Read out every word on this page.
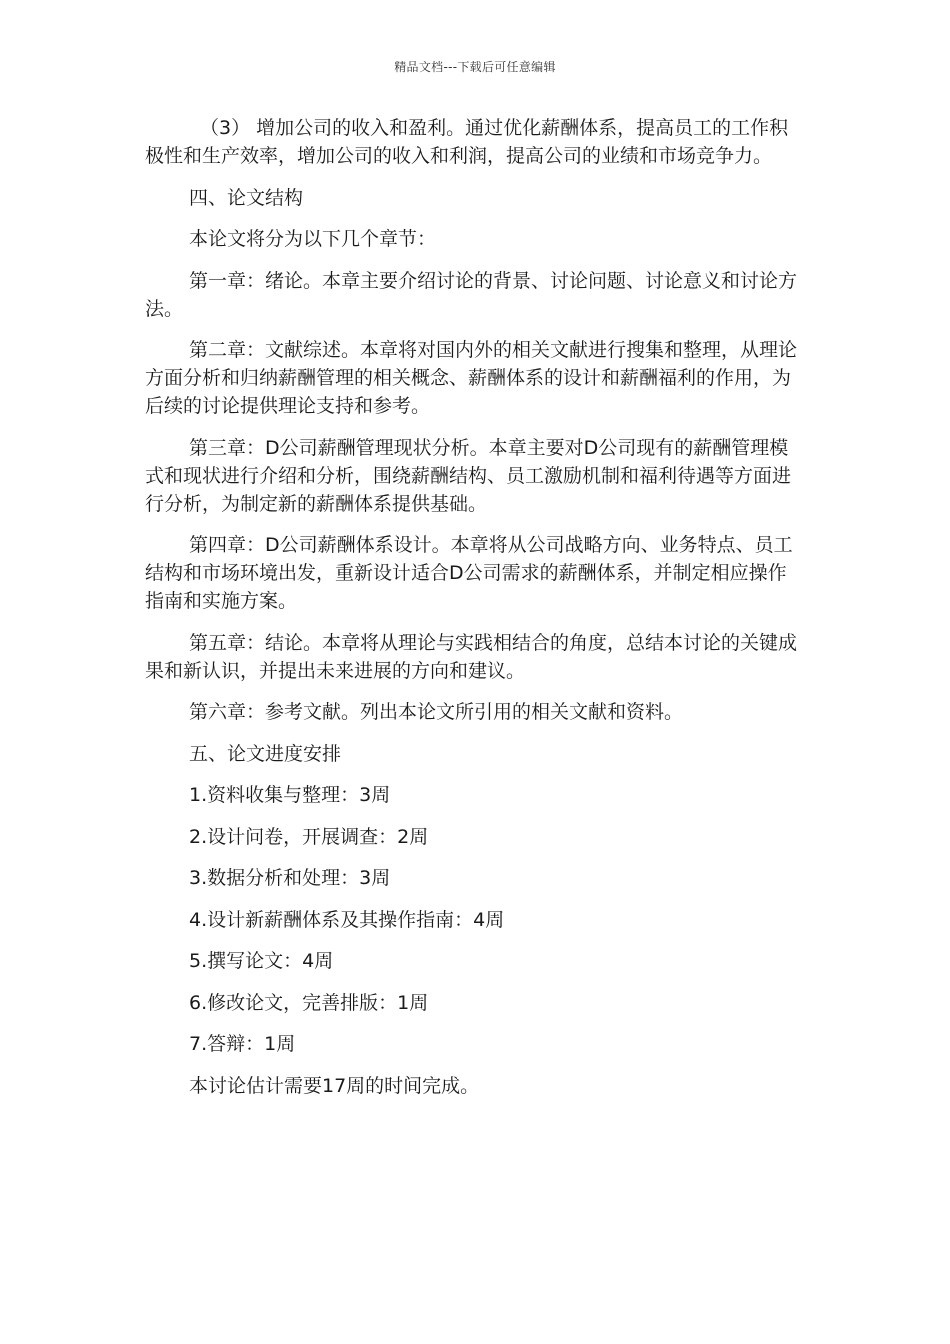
精品文档---下载后可任意编辑

（3） 增加公司的收入和盈利。通过优化薪酬体系，提高员工的工作积极性和生产效率，增加公司的收入和利润，提高公司的业绩和市场竞争力。

四、论文结构

本论文将分为以下几个章节：

第一章：绪论。本章主要介绍讨论的背景、讨论问题、讨论意义和讨论方法。

第二章：文献综述。本章将对国内外的相关文献进行搜集和整理，从理论方面分析和归纳薪酬管理的相关概念、薪酬体系的设计和薪酬福利的作用，为后续的讨论提供理论支持和参考。

第三章：D公司薪酬管理现状分析。本章主要对D公司现有的薪酬管理模式和现状进行介绍和分析，围绕薪酬结构、员工激励机制和福利待遇等方面进行分析，为制定新的薪酬体系提供基础。

第四章：D公司薪酬体系设计。本章将从公司战略方向、业务特点、员工结构和市场环境出发，重新设计适合D公司需求的薪酬体系，并制定相应操作指南和实施方案。

第五章：结论。本章将从理论与实践相结合的角度，总结本讨论的关键成果和新认识，并提出未来进展的方向和建议。

第六章：参考文献。列出本论文所引用的相关文献和资料。

五、论文进度安排

1.资料收集与整理：3周

2.设计问卷，开展调查：2周

3.数据分析和处理：3周

4.设计新薪酬体系及其操作指南：4周

5.撰写论文：4周

6.修改论文，完善排版：1周

7.答辩：1周

本讨论估计需要17周的时间完成。
